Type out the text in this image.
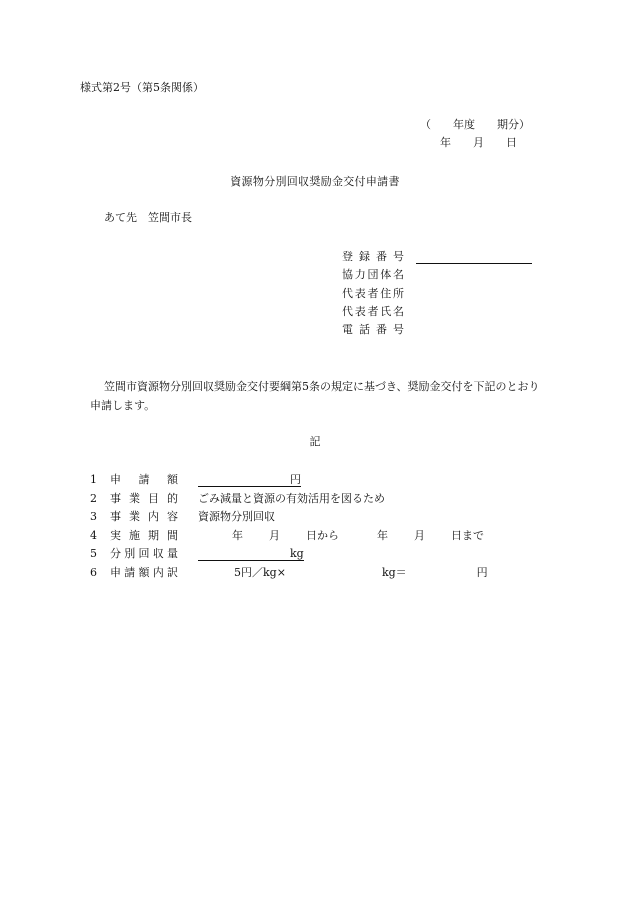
様式第2号（第5条関係）
（　　年度　　期分）
年　　月　　日
資源物分別回収奨励金交付申請書
あて先　笠間市長
登録番号
協力団体名
代表者住所
代表者氏名
電話番号
笠間市資源物分別回収奨励金交付要綱第5条の規定に基づき、奨励金交付を下記のとおり申請します。
記
1 申請額	円
2 事業目的 ごみ減量と資源の有効活用を図るため
3 事業内容 資源物分別回収
4 実施期間	年 月 日から	年 月 日まで
5 分別回収量	kg
6 申請額内訳	5円／kg×	kg＝	円
